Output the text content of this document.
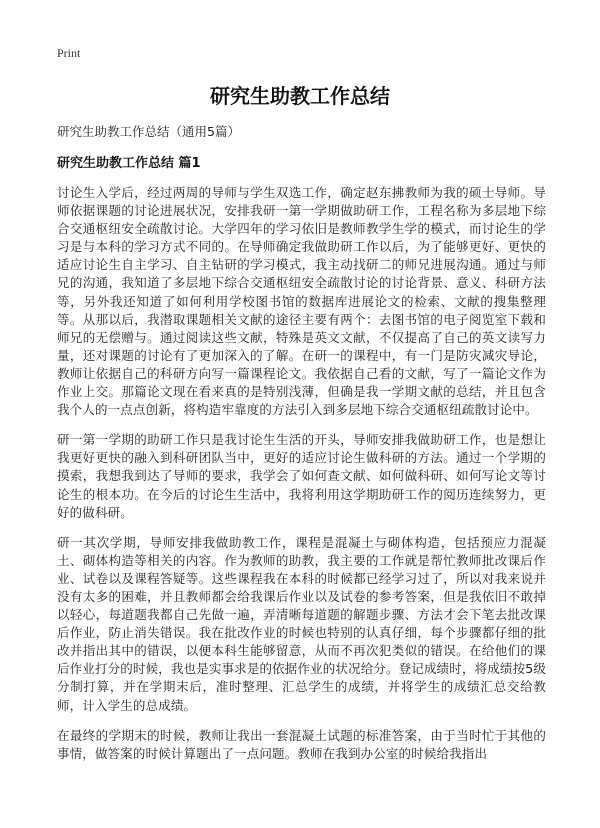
Print
研究生助教工作总结

研究生助教工作总结（通用5篇）

研究生助教工作总结 篇1

讨论生入学后，经过两周的导师与学生双选工作，确定赵东拂教师为我的硕士导师。导师依据课题的讨论进展状况，安排我研一第一学期做助研工作，工程名称为多层地下综合交通枢纽安全疏散讨论。大学四年的学习依旧是教师教学生学的模式，而讨论生的学习是与本科的学习方式不同的。在导师确定我做助研工作以后，为了能够更好、更快的适应讨论生自主学习、自主钻研的学习模式，我主动找研二的师兄进展沟通。通过与师兄的沟通，我知道了多层地下综合交通枢纽安全疏散讨论的讨论背景、意义、科研方法等，另外我还知道了如何利用学校图书馆的数据库进展论文的检索、文献的搜集整理等。从那以后，我潜取课题相关文献的途径主要有两个：去图书馆的电子阅览室下载和师兄的无偿赠与。通过阅读这些文献，特殊是英文文献，不仅提高了自己的英文读写力量，还对课题的讨论有了更加深入的了解。在研一的课程中，有一门是防灾减灾导论，教师让依据自己的科研方向写一篇课程论文。我依据自己看的文献，写了一篇论文作为作业上交。那篇论文现在看来真的是特别浅薄，但确是我一学期文献的总结，并且包含我个人的一点点创新，将构造牢靠度的方法引入到多层地下综合交通枢纽疏散讨论中。

研一第一学期的助研工作只是我讨论生生活的开头，导师安排我做助研工作，也是想让我更好更快的融入到科研团队当中，更好的适应讨论生做科研的方法。通过一个学期的摸索，我想我到达了导师的要求，我学会了如何查文献、如何做科研、如何写论文等讨论生的根本功。在今后的讨论生生活中，我将利用这学期助研工作的阅历连续努力，更好的做科研。

研一其次学期，导师安排我做助教工作，课程是混凝土与砌体构造，包括预应力混凝土、砌体构造等相关的内容。作为教师的助教，我主要的工作就是帮忙教师批改课后作业、试卷以及课程答疑等。这些课程我在本科的时候都已经学习过了，所以对我来说并没有太多的困难，并且教师都会给我课后作业以及试卷的参考答案，但是我依旧不敢掉以轻心，每道题我都自己先做一遍，弄清晰每道题的解题步骤、方法才会下笔去批改课后作业，防止消失错误。我在批改作业的时候也特别的认真仔细，每个步骤都仔细的批改并指出其中的错误，以便本科生能够留意，从而不再次犯类似的错误。在给他们的课后作业打分的时候，我也是实事求是的依据作业的状况给分。登记成绩时，将成绩按5级分制打算，并在学期末后，准时整理、汇总学生的成绩，并将学生的成绩汇总交给教师，计入学生的总成绩。

在最终的学期末的时候，教师让我出一套混凝土试题的标准答案，由于当时忙于其他的事情，做答案的时候计算题出了一点问题。教师在我到办公室的时候给我指出
